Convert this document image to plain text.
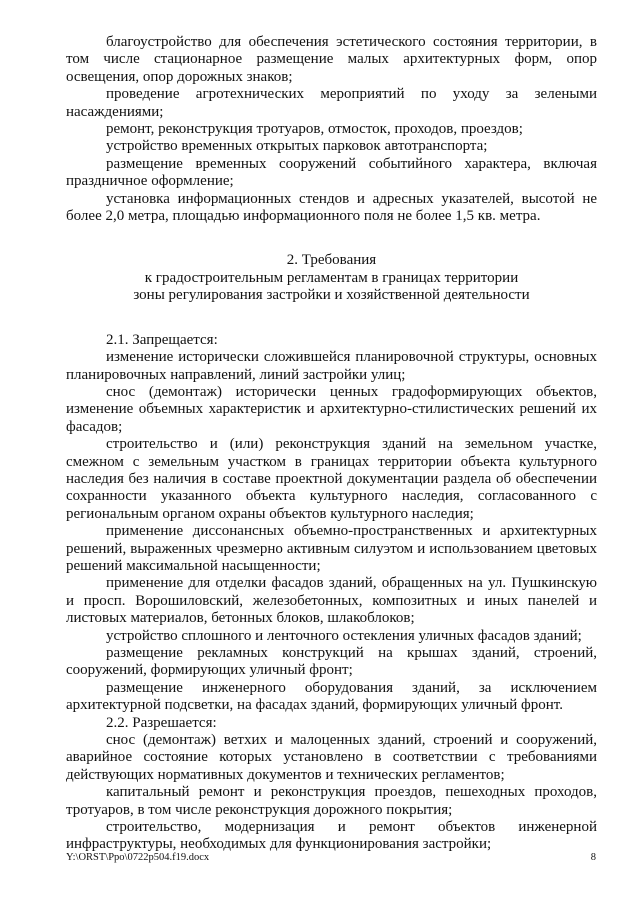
благоустройство для обеспечения эстетического состояния территории, в том числе стационарное размещение малых архитектурных форм, опор освещения, опор дорожных знаков;

проведение агротехнических мероприятий по уходу за зелеными насаждениями;

ремонт, реконструкция тротуаров, отмосток, проходов, проездов;

устройство временных открытых парковок автотранспорта;

размещение временных сооружений событийного характера, включая праздничное оформление;

установка информационных стендов и адресных указателей, высотой не более 2,0 метра, площадью информационного поля не более 1,5 кв. метра.

2. Требования

к градостроительным регламентам в границах территории

зоны регулирования застройки и хозяйственной деятельности

2.1. Запрещается:

изменение исторически сложившейся планировочной структуры, основных планировочных направлений, линий застройки улиц;

снос (демонтаж) исторически ценных градоформирующих объектов, изменение объемных характеристик и архитектурно-стилистических решений их фасадов;

строительство и (или) реконструкция зданий на земельном участке, смежном с земельным участком в границах территории объекта культурного наследия без наличия в составе проектной документации раздела об обеспечении сохранности указанного объекта культурного наследия, согласованного с региональным органом охраны объектов культурного наследия;

применение диссонансных объемно-пространственных и архитектурных решений, выраженных чрезмерно активным силуэтом и использованием цветовых решений максимальной насыщенности;

применение для отделки фасадов зданий, обращенных на ул. Пушкинскую и просп. Ворошиловский, железобетонных, композитных и иных панелей и листовых материалов, бетонных блоков, шлакоблоков;

устройство сплошного и ленточного остекления уличных фасадов зданий;

размещение рекламных конструкций на крышах зданий, строений, сооружений, формирующих уличный фронт;

размещение инженерного оборудования зданий, за исключением архитектурной подсветки, на фасадах зданий, формирующих уличный фронт.

2.2. Разрешается:

снос (демонтаж) ветхих и малоценных зданий, строений и сооружений, аварийное состояние которых установлено в соответствии с требованиями действующих нормативных документов и технических регламентов;

капитальный ремонт и реконструкция проездов, пешеходных проходов, тротуаров, в том числе реконструкция дорожного покрытия;

строительство, модернизация и ремонт объектов инженерной инфраструктуры, необходимых для функционирования застройки;

Y:\ORST\Ppo\0722p504.f19.docx	8
